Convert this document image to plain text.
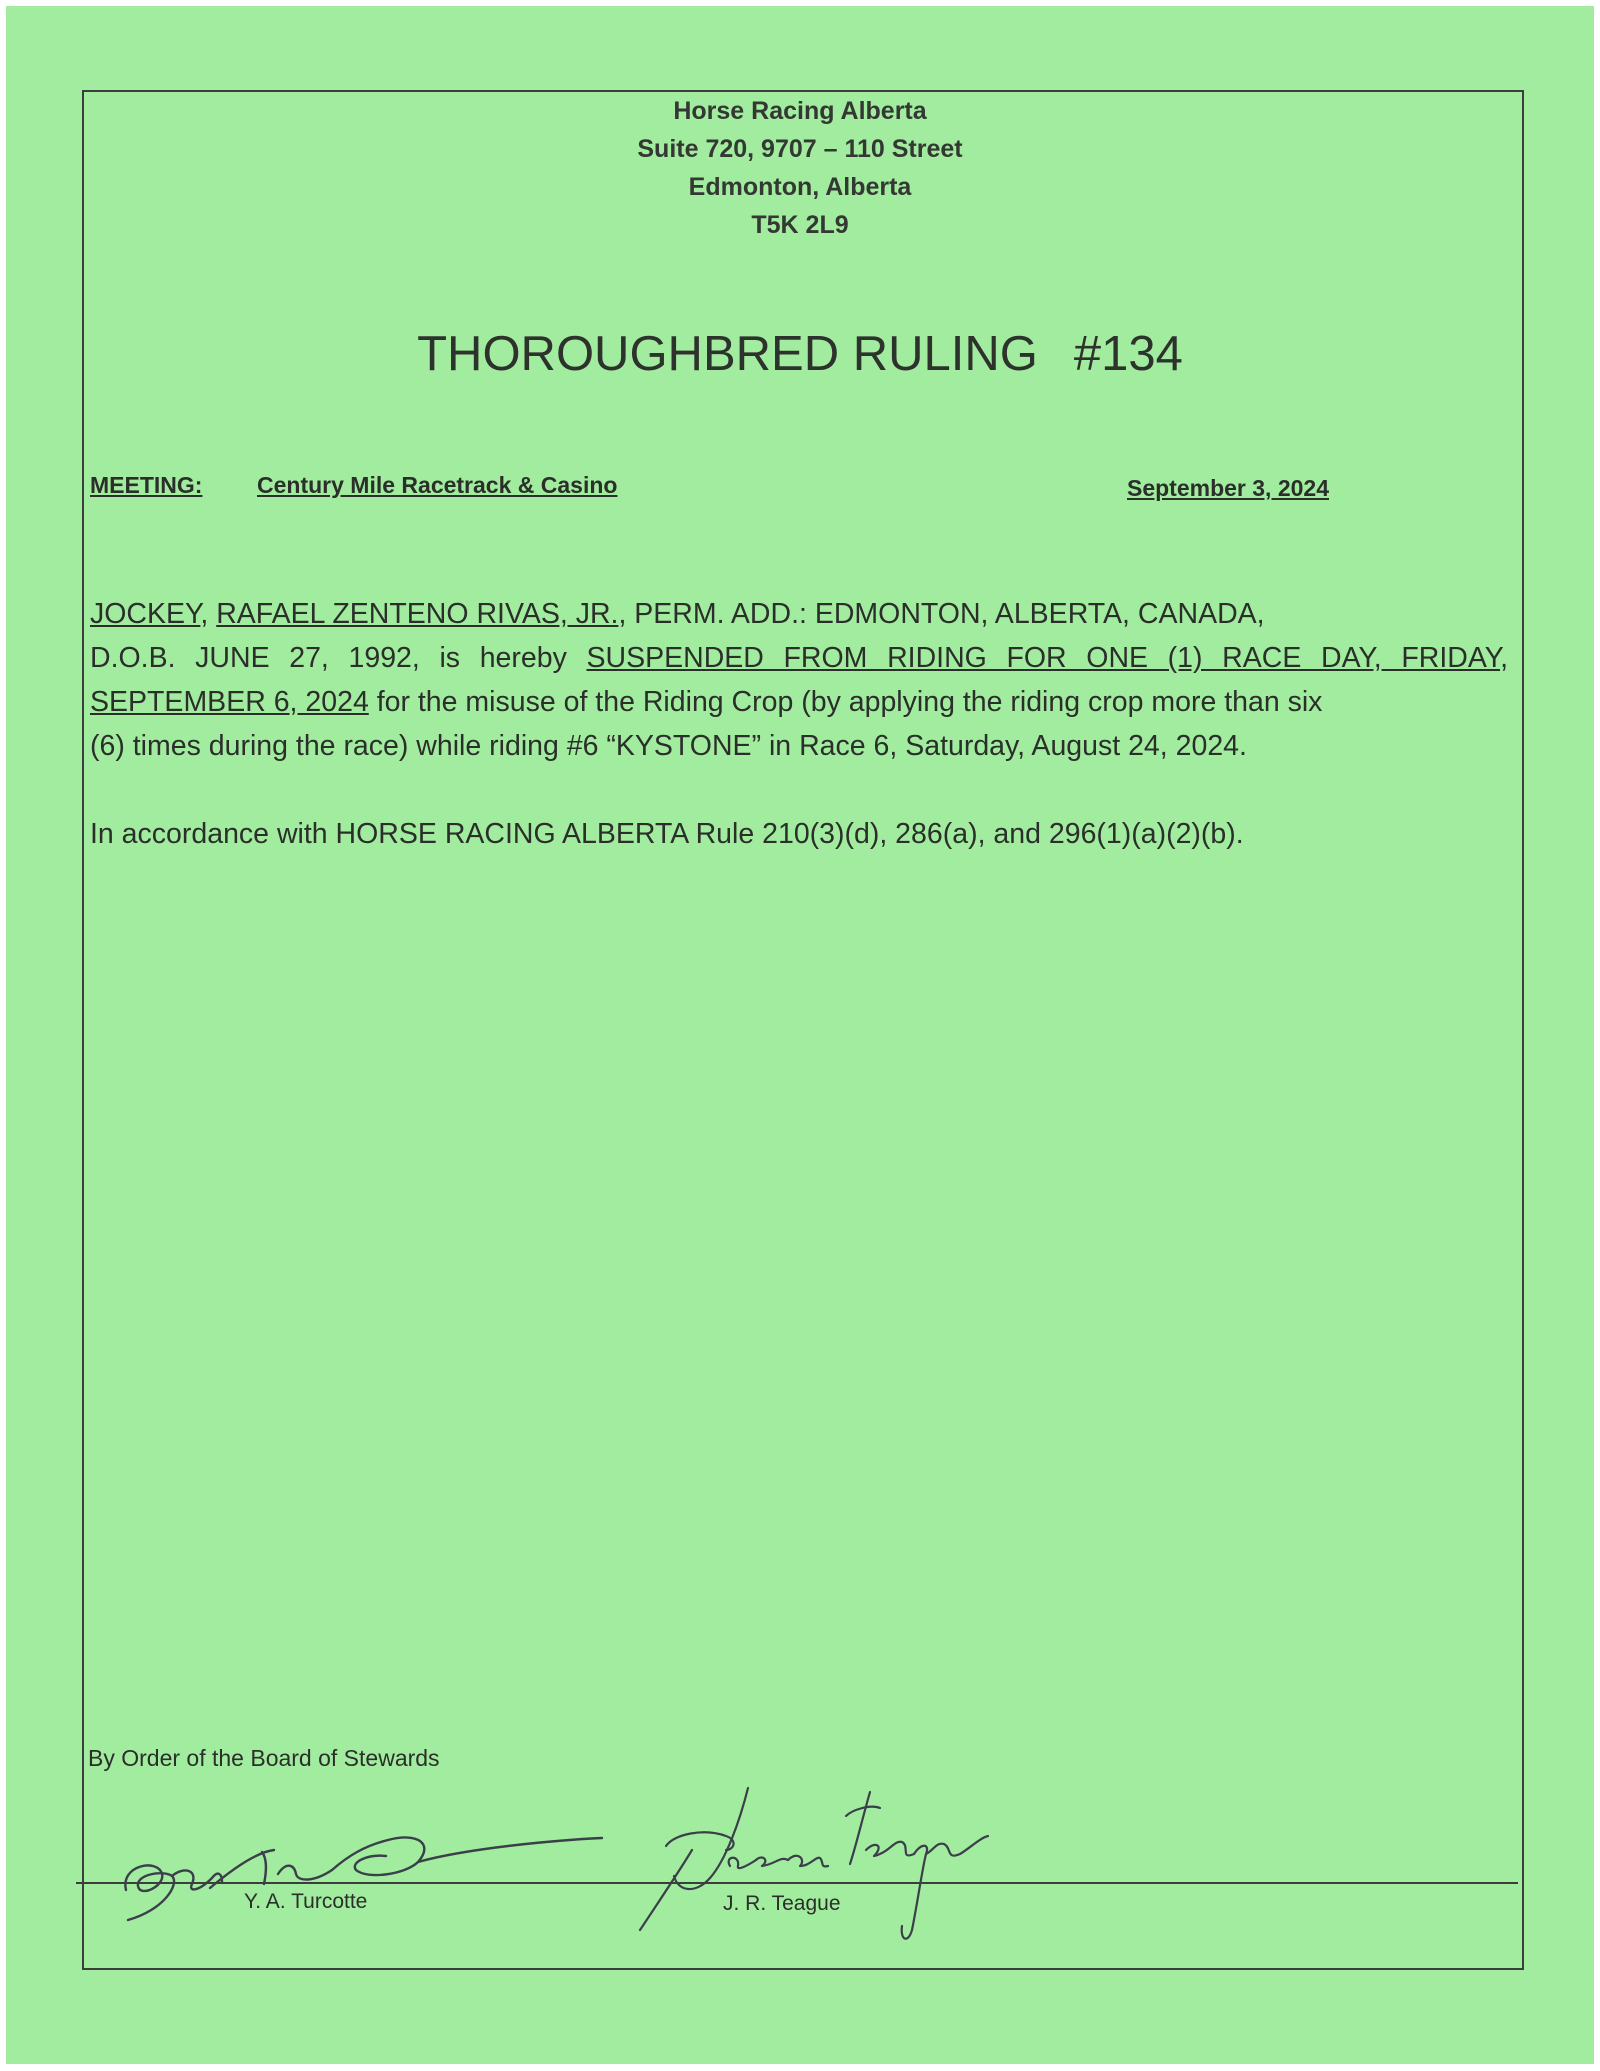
Horse Racing Alberta
Suite 720, 9707 – 110 Street
Edmonton, Alberta
T5K 2L9
THOROUGHBRED RULING #134
MEETING: Century Mile Racetrack & Casino	September 3, 2024
JOCKEY, RAFAEL ZENTENO RIVAS, JR., PERM. ADD.: EDMONTON, ALBERTA, CANADA,
D.O.B. JUNE 27, 1992, is hereby SUSPENDED FROM RIDING FOR ONE (1) RACE DAY, FRIDAY,
SEPTEMBER 6, 2024 for the misuse of the Riding Crop (by applying the riding crop more than six
(6) times during the race) while riding #6 “KYSTONE” in Race 6, Saturday, August 24, 2024.
In accordance with HORSE RACING ALBERTA Rule 210(3)(d), 286(a), and 296(1)(a)(2)(b).
By Order of the Board of Stewards
Jason Teague
Y. A. Turcotte	J. R. Teague
